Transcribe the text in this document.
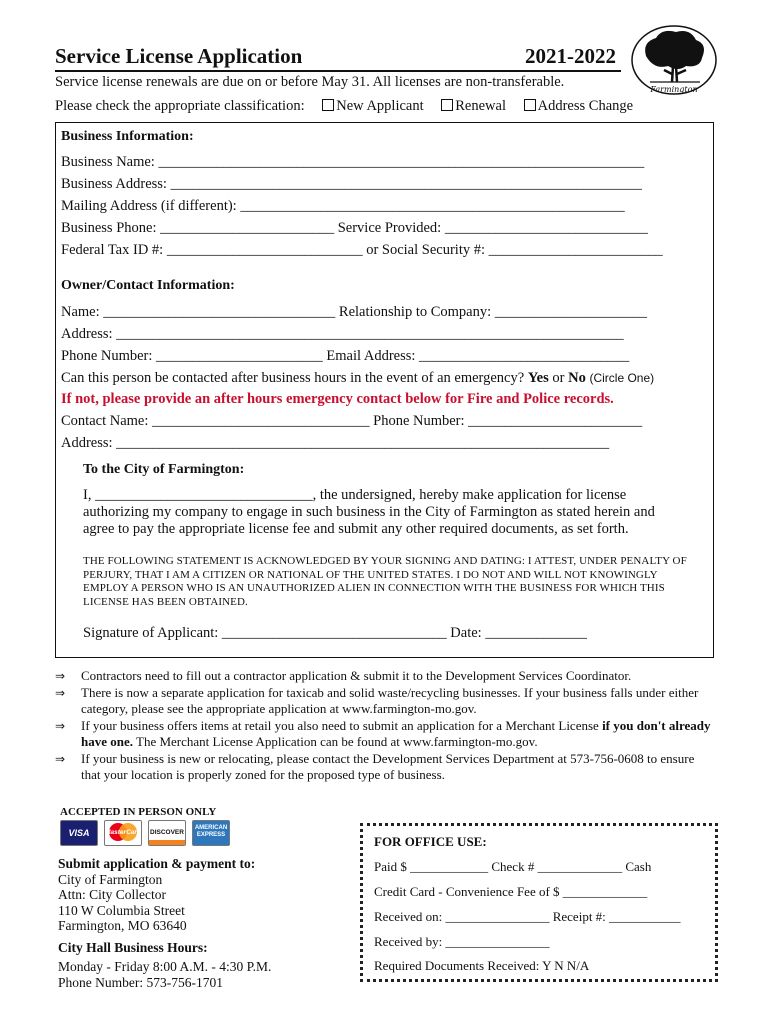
Service License Application	2021-2022
Farmington
Service license renewals are due on or before May 31. All licenses are non-transferable.
Please check the appropriate classification: New Applicant Renewal Address Change
Business Information:
Business Name: ___________________________________________________________________
Business Address: _________________________________________________________________
Mailing Address (if different): _____________________________________________________
Business Phone: ________________________ Service Provided: ____________________________
Federal Tax ID #: ___________________________ or Social Security #: ________________________
Owner/Contact Information:
Name: ________________________________ Relationship to Company: _____________________
Address: ______________________________________________________________________
Phone Number: _______________________ Email Address: _____________________________
Can this person be contacted after business hours in the event of an emergency? Yes or No (Circle One)
If not, please provide an after hours emergency contact below for Fire and Police records.
Contact Name: ______________________________ Phone Number: ________________________
Address: ____________________________________________________________________
To the City of Farmington:
I, ______________________________, the undersigned, hereby make application for license authorizing my company to engage in such business in the City of Farmington as stated herein and agree to pay the appropriate license fee and submit any other required documents, as set forth.
THE FOLLOWING STATEMENT IS ACKNOWLEDGED BY YOUR SIGNING AND DATING: I ATTEST, UNDER PENALTY OF PERJURY, THAT I AM A CITIZEN OR NATIONAL OF THE UNITED STATES. I DO NOT AND WILL NOT KNOWINGLY EMPLOY A PERSON WHO IS AN UNAUTHORIZED ALIEN IN CONNECTION WITH THE BUSINESS FOR WHICH THIS LICENSE HAS BEEN OBTAINED.
Signature of Applicant: _______________________________ Date: ______________
⇒ Contractors need to fill out a contractor application & submit it to the Development Services Coordinator.
⇒ There is now a separate application for taxicab and solid waste/recycling businesses. If your business falls under either category, please see the appropriate application at www.farmington-mo.gov.
⇒ If your business offers items at retail you also need to submit an application for a Merchant License if you don't already have one. The Merchant License Application can be found at www.farmington-mo.gov.
⇒ If your business is new or relocating, please contact the Development Services Department at 573-756-0608 to ensure that your location is properly zoned for the proposed type of business.
ACCEPTED IN PERSON ONLY
VISA
	MasterCard
DISCOVER

AMERICAN EXPRESS
Submit application & payment to:
City of Farmington
Attn: City Collector
110 W Columbia Street
Farmington, MO 63640
City Hall Business Hours:
Monday - Friday 8:00 A.M. - 4:30 P.M.
Phone Number: 573-756-1701
FOR OFFICE USE:
Paid $ ____________ Check # _____________ Cash
Credit Card - Convenience Fee of $ _____________
Received on: ________________ Receipt #: ___________
Received by: ________________
Required Documents Received: Y N N/A
